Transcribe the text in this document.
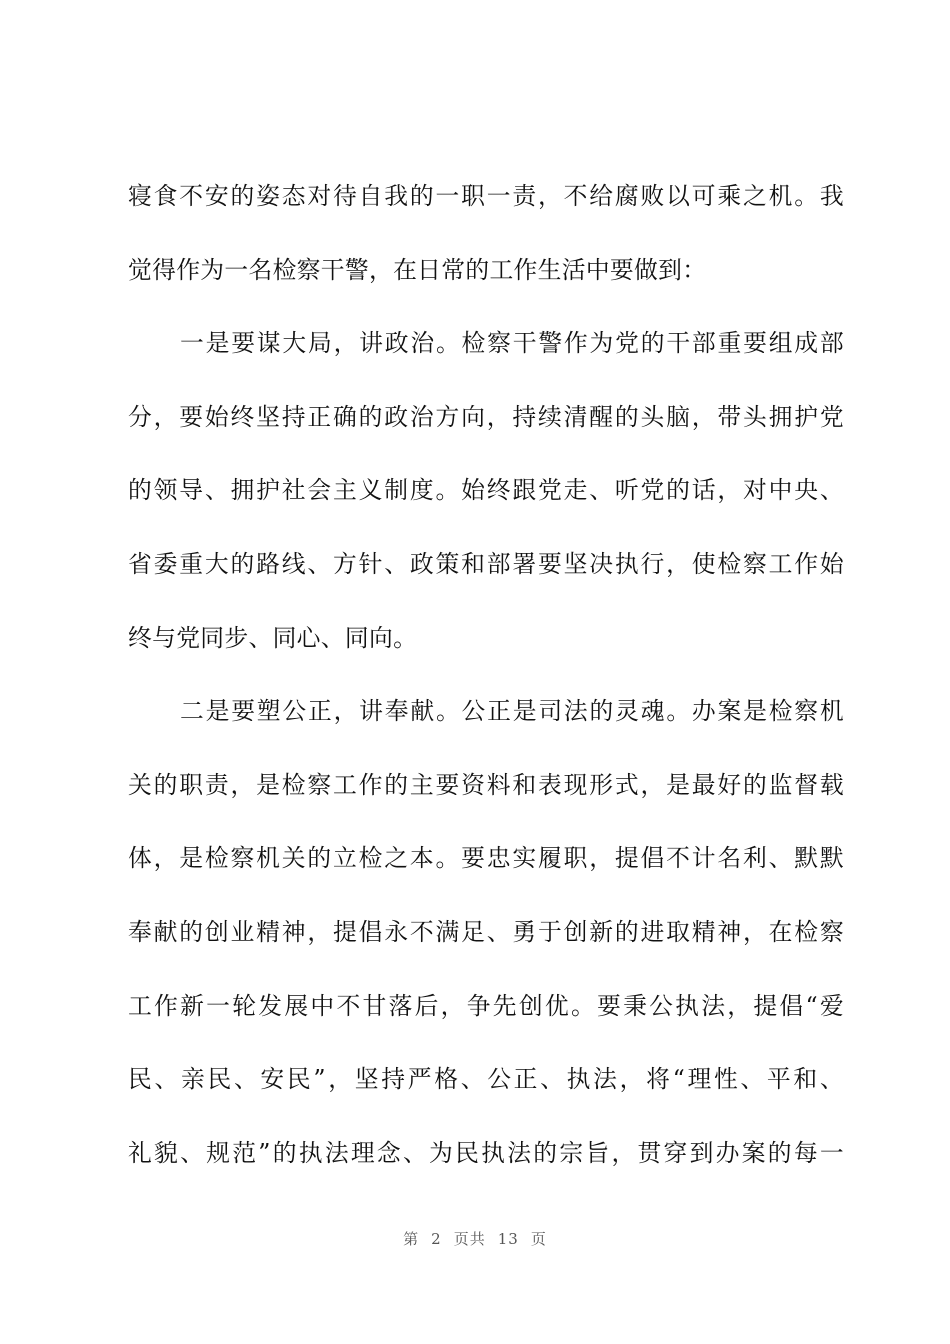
寝食不安的姿态对待自我的一职一责，不给腐败以可乘之机。我
觉得作为一名检察干警，在日常的工作生活中要做到：
一是要谋大局，讲政治。检察干警作为党的干部重要组成部
分，要始终坚持正确的政治方向，持续清醒的头脑，带头拥护党
的领导、拥护社会主义制度。始终跟党走、听党的话，对中央、
省委重大的路线、方针、政策和部署要坚决执行，使检察工作始
终与党同步、同心、同向。
二是要塑公正，讲奉献。公正是司法的灵魂。办案是检察机
关的职责，是检察工作的主要资料和表现形式，是最好的监督载
体，是检察机关的立检之本。要忠实履职，提倡不计名利、默默
奉献的创业精神，提倡永不满足、勇于创新的进取精神，在检察
工作新一轮发展中不甘落后，争先创优。要秉公执法，提倡“爱
民、亲民、安民”，坚持严格、公正、执法，将“理性、平和、
礼貌、规范”的执法理念、为民执法的宗旨，贯穿到办案的每一
第 2 页共 13 页
